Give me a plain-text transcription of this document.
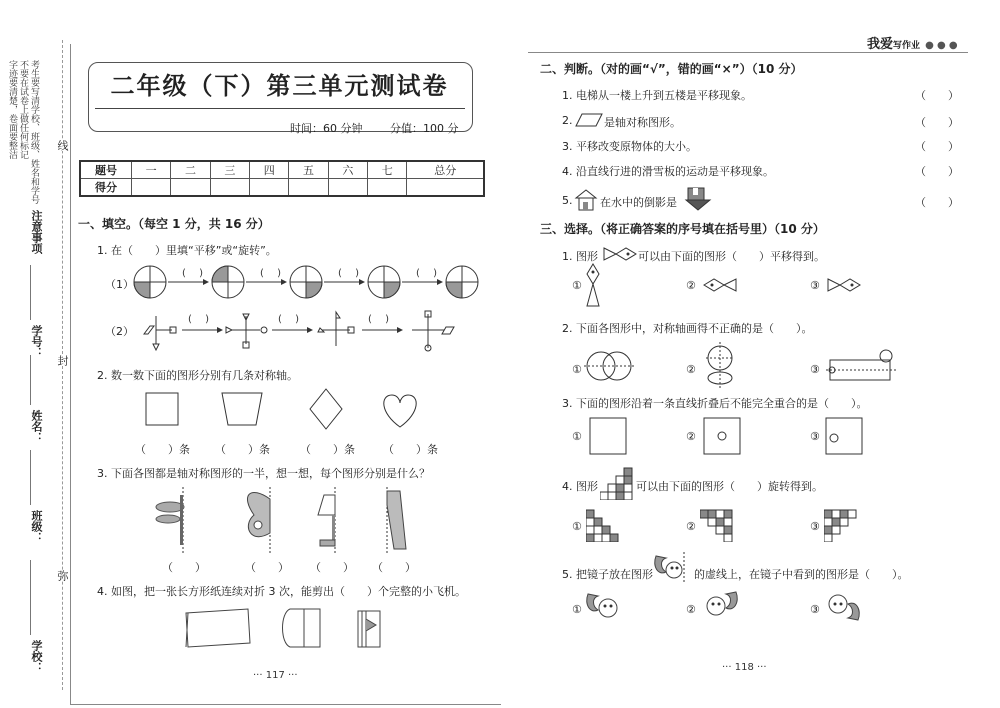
考生要写清学校、班级、姓名和学号
不要在试卷上做任何标记
字迹要清楚，卷面要整洁
注意事项
线
封
弥
学号：
姓名：
班级：
学校：
二年级（下）第三单元测试卷
时间：60 分钟	分值：100 分
题号	一	二	三	四	五	六	七	总分
得分								
一、填空。（每空 1 分，共 16 分）
1. 在（　　）里填“平移”或“旋转”。
（1）
(　 )	(　 )	(　 )	(　 )
（2）
(　 )	(　 )	(　 )
2. 数一数下面的图形分别有几条对称轴。
（　　）条 （　　）条	（　　）条	（　　）条
3. 下面各图都是轴对称图形的一半，想一想，每个图形分别是什么？
（　　）	（　　） （　　） （　　）
4. 如图，把一张长方形纸连续对折 3 次，能剪出（　　）个完整的小飞机。
··· 117 ···
我爱写作业 ● ● ●
二、判断。（对的画“√”，错的画“×”）（10 分）
1. 电梯从一楼上升到五楼是平移现象。	（　　）
2.	是轴对称图形。	（　　）
3. 平移改变原物体的大小。	（　　）
4. 沿直线行进的滑雪板的运动是平移现象。	（　　）
5.	在水中的倒影是	（　　）
三、选择。（将正确答案的序号填在括号里）（10 分）
1. 图形	可以由下面的图形（　　）平移得到。
①	②	③
2. 下面各图形中，对称轴画得不正确的是（　　）。
①	②	③
3. 下面的图形沿着一条直线折叠后不能完全重合的是（　　）。
①	②	③
4. 图形	可以由下面的图形（　　）旋转得到。
①	②	③
5. 把镜子放在图形	的虚线上，在镜子中看到的图形是（　　）。
①	②	③
··· 118 ···
